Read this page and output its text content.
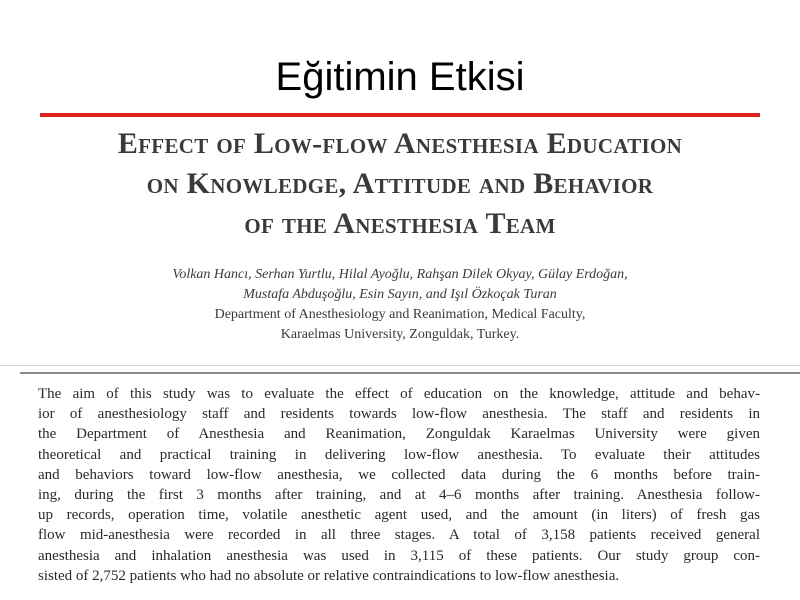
Eğitimin Etkisi
Effect of Low-flow Anesthesia Education
on Knowledge, Attitude and Behavior
of the Anesthesia Team
Volkan Hancı, Serhan Yurtlu, Hilal Ayoğlu, Rahşan Dilek Okyay, Gülay Erdoğan,
Mustafa Abduşoğlu, Esin Sayın, and Işıl Özkoçak Turan
Department of Anesthesiology and Reanimation, Medical Faculty,
Karaelmas University, Zonguldak, Turkey.
The aim of this study was to evaluate the effect of education on the knowledge, attitude and behav-
ior of anesthesiology staff and residents towards low-flow anesthesia. The staff and residents in
the Department of Anesthesia and Reanimation, Zonguldak Karaelmas University were given
theoretical and practical training in delivering low-flow anesthesia. To evaluate their attitudes
and behaviors toward low-flow anesthesia, we collected data during the 6 months before train-
ing, during the first 3 months after training, and at 4–6 months after training. Anesthesia follow-
up records, operation time, volatile anesthetic agent used, and the amount (in liters) of fresh gas
flow mid-anesthesia were recorded in all three stages. A total of 3,158 patients received general
anesthesia and inhalation anesthesia was used in 3,115 of these patients. Our study group con-
sisted of 2,752 patients who had no absolute or relative contraindications to low-flow anesthesia.
